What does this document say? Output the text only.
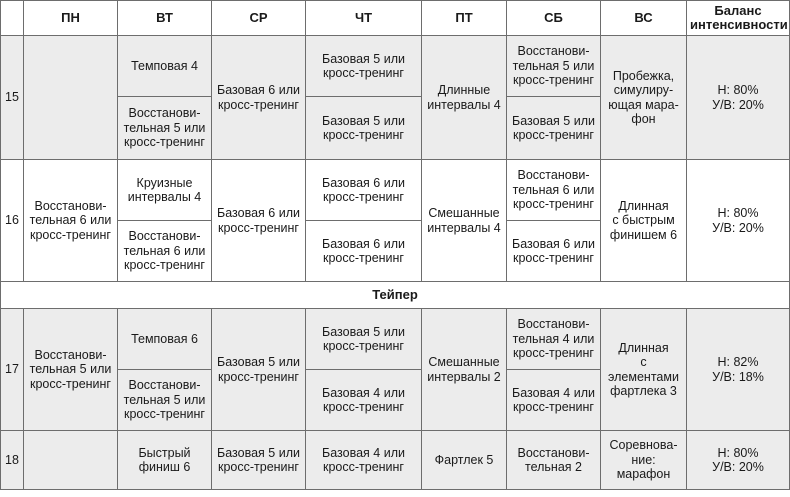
	ПН	ВТ	СР	ЧТ	ПТ	СБ	ВС	Баланс
интенсивности

15		Темповая 4	Базовая 6 или
кросс-тренинг	Базовая 5 или
кросс-тренинг	Длинные
интервалы 4	Восстанови-
тельная 5 или
кросс-тренинг	Пробежка,
симулиру-
ющая мара-
фон	Н: 80%
У/В: 20%

		Восстанови-
тельная 5 или
кросс-тренинг		Базовая 5 или
кросс-тренинг		Базовая 5 или
кросс-тренинг		

16	Восстанови-
тельная 6 или
кросс-тренинг	Круизные
интервалы 4	Базовая 6 или
кросс-тренинг	Базовая 6 или
кросс-тренинг	Смешанные
интервалы 4	Восстанови-
тельная 6 или
кросс-тренинг	Длинная
с быстрым
финишем 6	Н: 80%
У/В: 20%

		Восстанови-
тельная 6 или
кросс-тренинг		Базовая 6 или
кросс-тренинг		Базовая 6 или
кросс-тренинг		

Тейпер								
17	Восстанови-
тельная 5 или
кросс-тренинг	Темповая 6	Базовая 5 или
кросс-тренинг	Базовая 5 или
кросс-тренинг	Смешанные
интервалы 2	Восстанови-
тельная 4 или
кросс-тренинг	Длинная
с элементами
фартлека 3	Н: 82%
У/В: 18%

		Восстанови-
тельная 5 или
кросс-тренинг		Базовая 4 или
кросс-тренинг		Базовая 4 или
кросс-тренинг		

18		Быстрый
финиш 6	Базовая 5 или
кросс-тренинг	Базовая 4 или
кросс-тренинг	Фартлек 5	Восстанови-
тельная 2	Соревнова-
ние: марафон	Н: 80%
У/В: 20%
